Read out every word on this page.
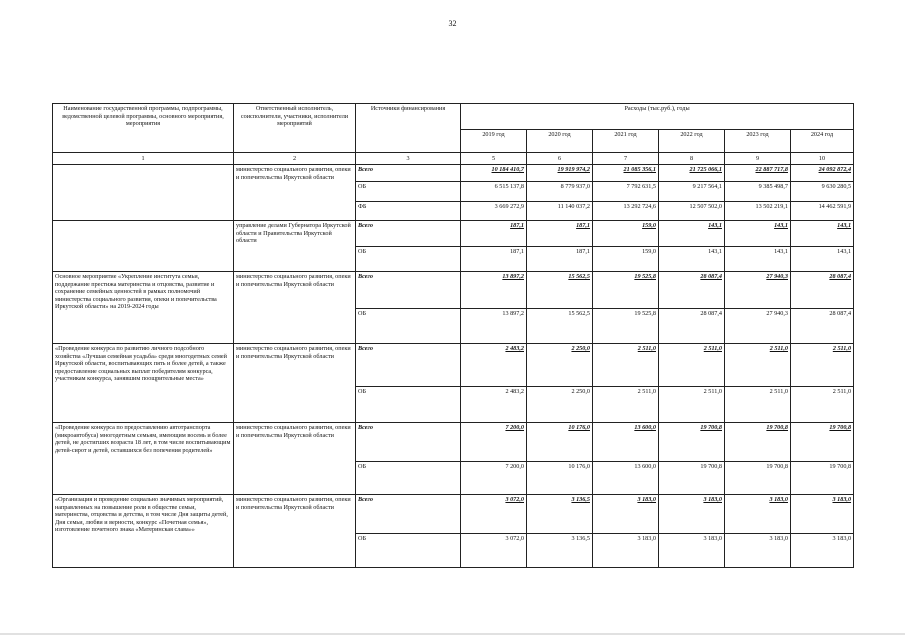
32
Наименование государственной программы, подпрограммы, ведомственной целевой программы, основного мероприятия, мероприятия	Ответственный исполнитель, соисполнители, участники, исполнители мероприятий	Источники финансирования	Расходы (тыс.руб.), годы					
			2019 год	2020 год	2021 год	2022 год	2023 год	2024 год
1	2	3	5	6	7	8	9	10
	министерство социального развития, опеки и попечительства Иркутской области	Всего	10 184 410,7	19 919 974,2	21 085 356,1	21 725 066,1	22 887 717,8	24 092 872,4
		ОБ	6 515 137,8	8 779 937,0	7 792 631,5	9 217 564,1	9 385 498,7	9 630 280,5
		ФБ	3 669 272,9	11 140 037,2	13 292 724,6	12 507 502,0	13 502 219,1	14 462 591,9
	управление делами Губернатора Иркутской области и Правительства Иркутской области	Всего	187,1	187,1	159,0	143,1	143,1	143,1
		ОБ	187,1	187,1	159,0	143,1	143,1	143,1
Основное мероприятие «Укрепление института семьи, поддержание престижа материнства и отцовства, развитие и сохранение семейных ценностей в рамках полномочий министерства социального развития, опеки и попечительства Иркутской области» на 2019-2024 годы	министерство социального развития, опеки и попечительства Иркутской области	Всего	13 897,2	15 562,5	19 525,8	28 087,4	27 940,3	28 087,4
		ОБ	13 897,2	15 562,5	19 525,8	28 087,4	27 940,3	28 087,4
«Проведение конкурса по развитию личного подсобного хозяйства «Лучшая семейная усадьба» среди многодетных семей Иркутской области, воспитывающих пять и более детей, а также предоставление социальных выплат победителям конкурса, участникам конкурса, занявшим поощрительные места»	министерство социального развития, опеки и попечительства Иркутской области	Всего	2 483,2	2 250,0	2 511,0	2 511,0	2 511,0	2 511,0
		ОБ	2 483,2	2 250,0	2 511,0	2 511,0	2 511,0	2 511,0
«Проведение конкурса по предоставлению автотранспорта (микроавтобуса) многодетным семьям, имеющим восемь и более детей, не достигших возраста 18 лет, в том числе воспитывающим детей-сирот и детей, оставшихся без попечения родителей»	министерство социального развития, опеки и попечительства Иркутской области	Всего	7 200,0	10 176,0	13 600,0	19 700,8	19 700,8	19 700,8
		ОБ	7 200,0	10 176,0	13 600,0	19 700,8	19 700,8	19 700,8
«Организация и проведение социально значимых мероприятий, направленных на повышение роли в обществе семьи, материнства, отцовства и детства, в том числе Дня защиты детей, Дня семьи, любви и верности, конкурс «Почетная семья», изготовление почетного знака «Материнская слава»»	министерство социального развития, опеки и попечительства Иркутской области	Всего	3 072,0	3 136,5	3 183,0	3 183,0	3 183,0	3 183,0
		ОБ	3 072,0	3 136,5	3 183,0	3 183,0	3 183,0	3 183,0
